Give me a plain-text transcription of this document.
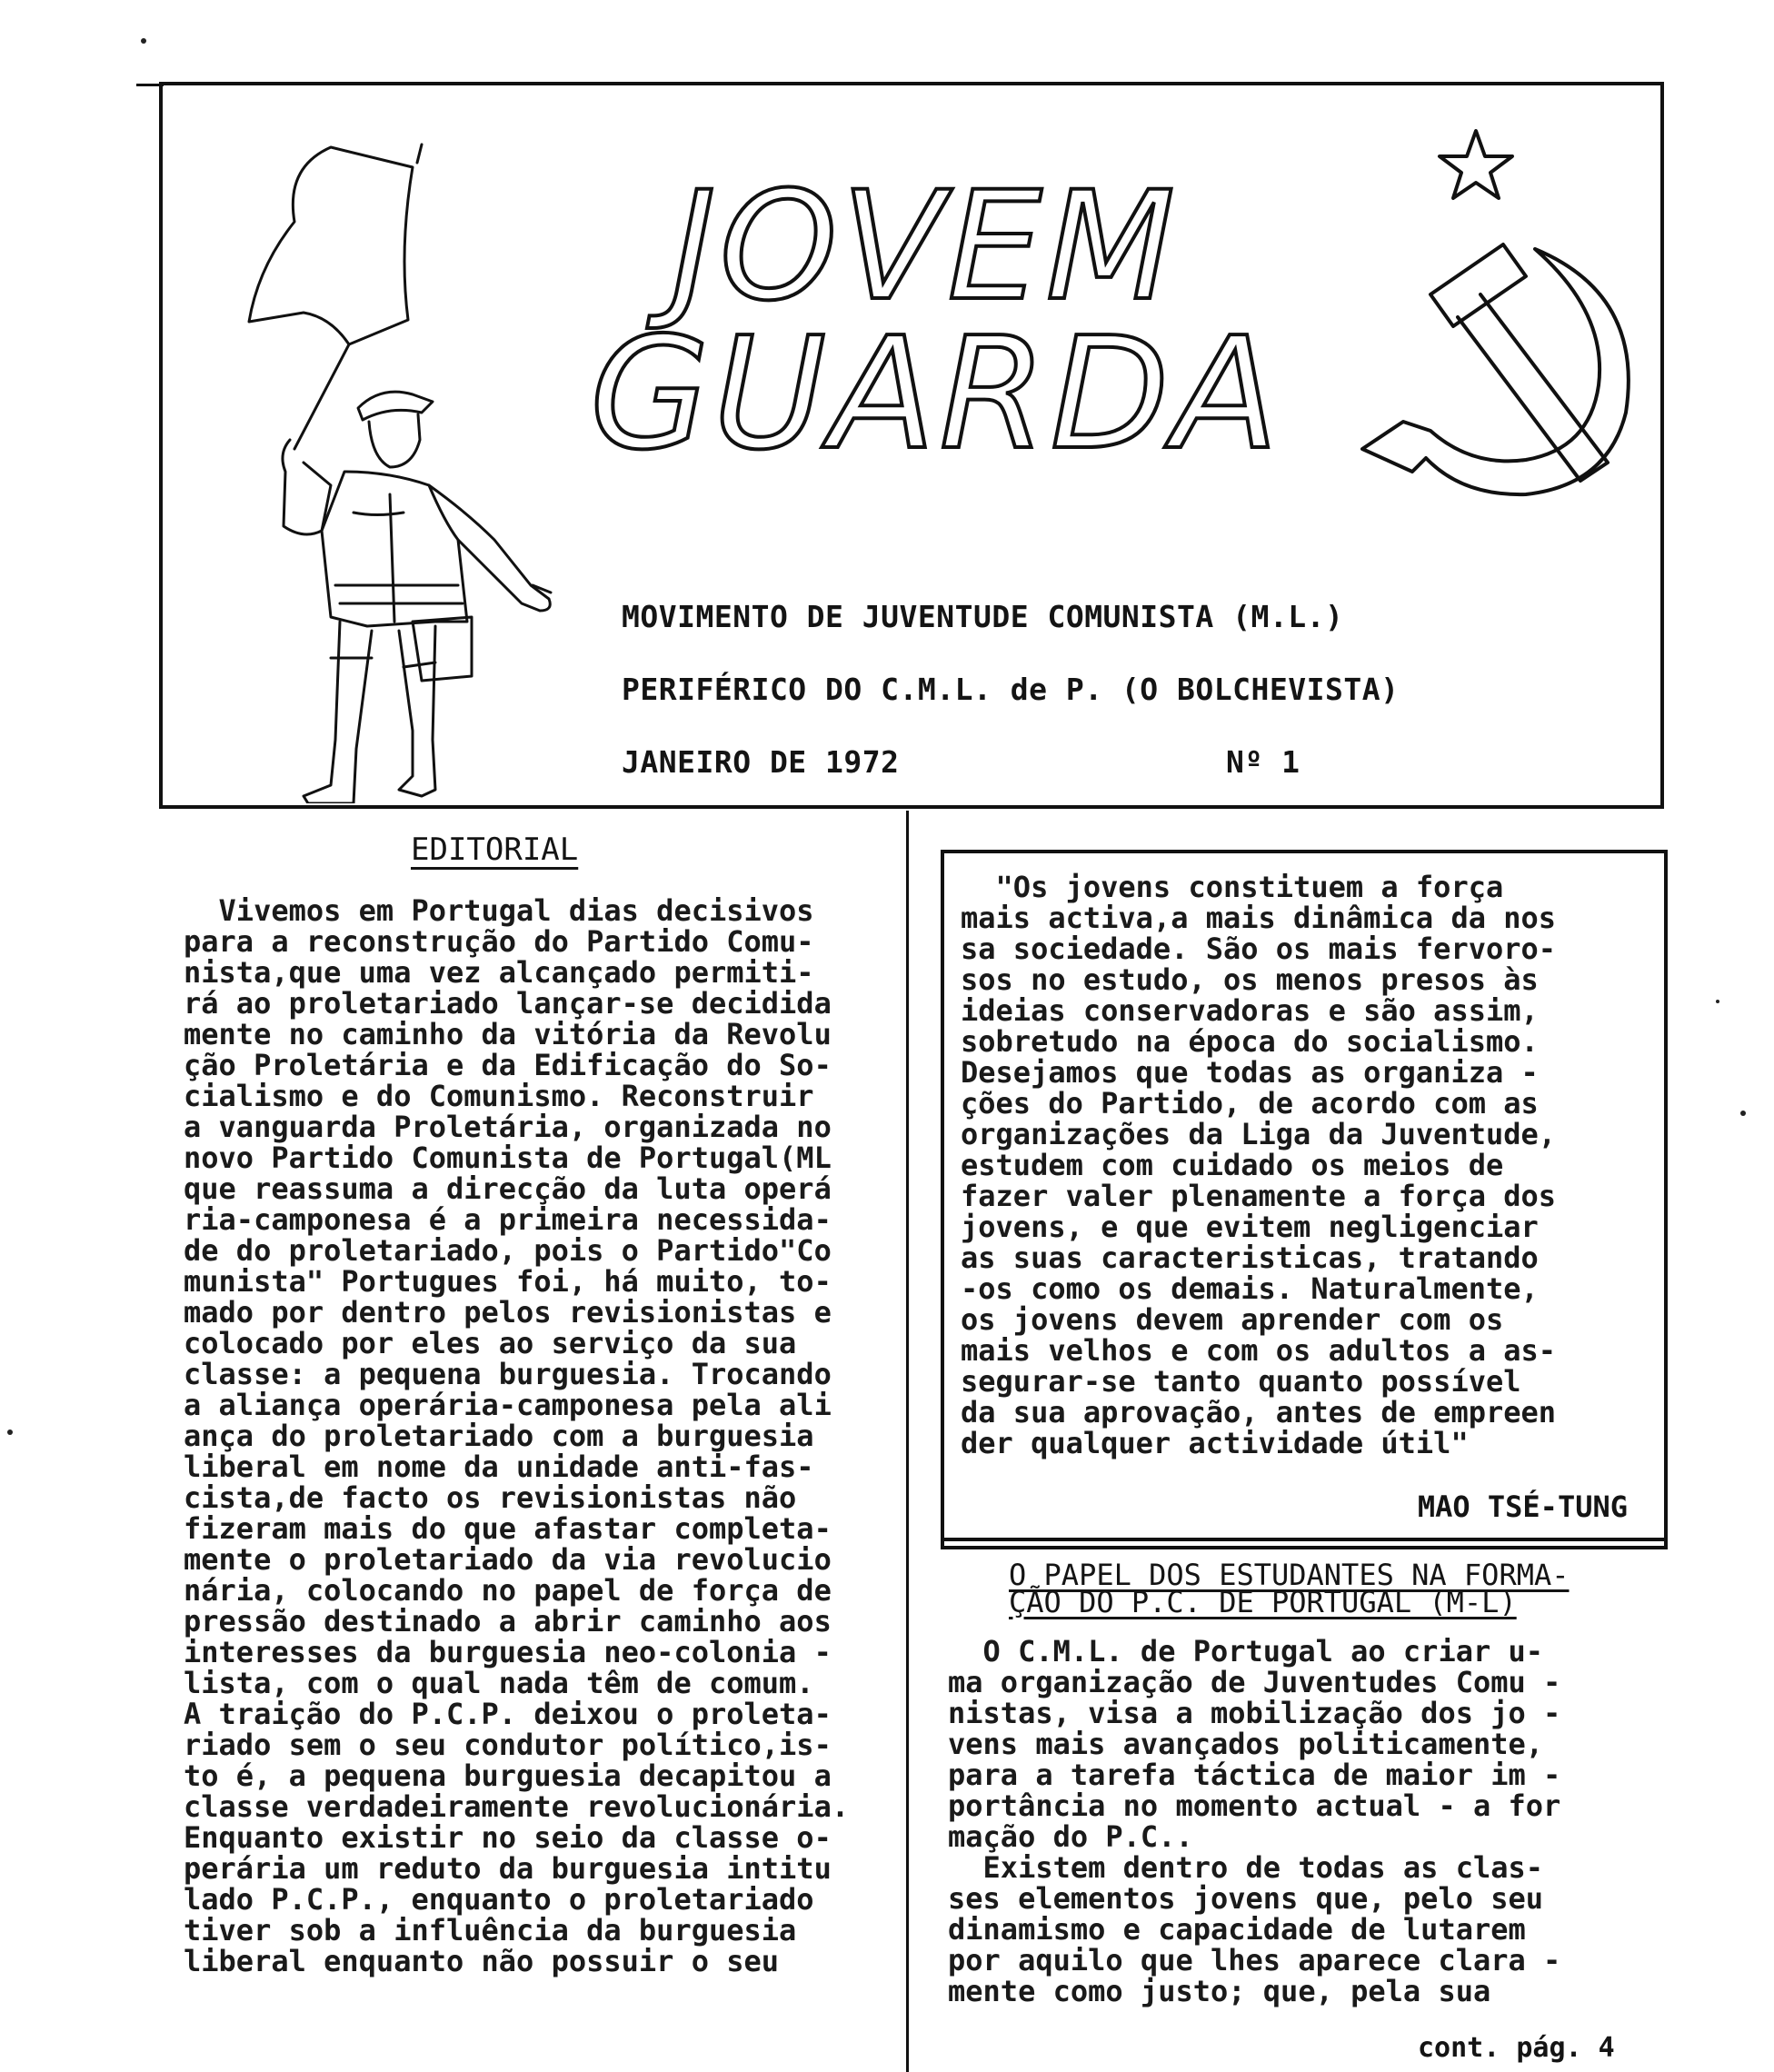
JOVEM
GUARDA
MOVIMENTO DE JUVENTUDE COMUNISTA (M.L.)
PERIFÉRICO DO C.M.L. de P. (O BOLCHEVISTA)
JANEIRO DE 1972	Nº 1
EDITORIAL

Vivemos em Portugal dias decisivos
para a reconstrução do Partido Comu-
nista,que uma vez alcançado permiti-
rá ao proletariado lançar-se decidida
mente no caminho da vitória da Revolu
ção Proletária e da Edificação do So-
cialismo e do Comunismo. Reconstruir
a vanguarda Proletária, organizada no
novo Partido Comunista de Portugal(ML
que reassuma a direcção da luta operá
ria-camponesa é a primeira necessida-
de do proletariado, pois o Partido"Co
munista" Portugues foi, há muito, to-
mado por dentro pelos revisionistas e
colocado por eles ao serviço da sua
classe: a pequena burguesia. Trocando
a aliança operária-camponesa pela ali
ança do proletariado com a burguesia
liberal em nome da unidade anti-fas-
cista,de facto os revisionistas não
fizeram mais do que afastar completa-
mente o proletariado da via revolucio
nária, colocando no papel de força de
pressão destinado a abrir caminho aos
interesses da burguesia neo-colonia -
lista, com o qual nada têm de comum.
A traição do P.C.P. deixou o proleta-
riado sem o seu condutor político,is-
to é, a pequena burguesia decapitou a
classe verdadeiramente revolucionária.
Enquanto existir no seio da classe o-
perária um reduto da burguesia intitu
lado P.C.P., enquanto o proletariado
tiver sob a influência da burguesia
liberal enquanto não possuir o seu

"Os jovens constituem a força
mais activa,a mais dinâmica da nos
sa sociedade. São os mais fervoro-
sos no estudo, os menos presos às
ideias conservadoras e são assim,
sobretudo na época do socialismo.
Desejamos que todas as organiza -
ções do Partido, de acordo com as
organizações da Liga da Juventude,
estudem com cuidado os meios de
fazer valer plenamente a força dos
jovens, e que evitem negligenciar
as suas caracteristicas, tratando
-os como os demais. Naturalmente,
os jovens devem aprender com os
mais velhos e com os adultos a as-
segurar-se tanto quanto possível
da sua aprovação, antes de empreen
der qualquer actividade útil"

MAO TSÉ-TUNG

O PAPEL DOS ESTUDANTES NA FORMA-
ÇÃO DO P.C. DE PORTUGAL (M-L)

O C.M.L. de Portugal ao criar u-
ma organização de Juventudes Comu -
nistas, visa a mobilização dos jo -
vens mais avançados politicamente,
para a tarefa táctica de maior im -
portância no momento actual - a for
mação do P.C..
Existem dentro de todas as clas-
ses elementos jovens que, pelo seu
dinamismo e capacidade de lutarem
por aquilo que lhes aparece clara -
mente como justo; que, pela sua

cont. pág. 4
